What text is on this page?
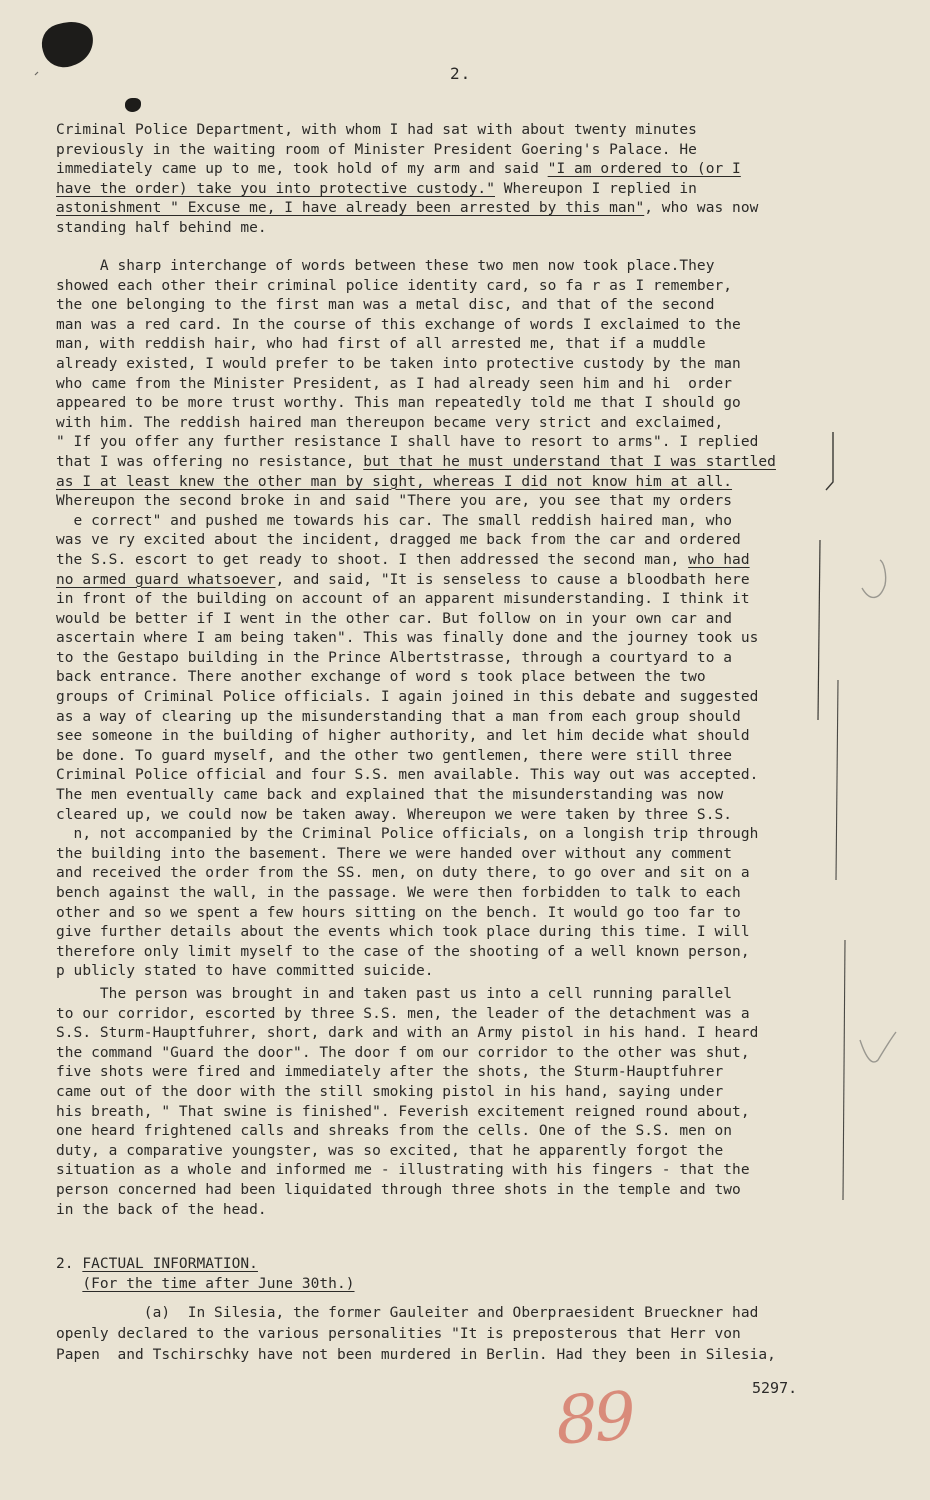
2.

Criminal Police Department, with whom I had sat with about twenty minutes
previously in the waiting room of Minister President Goering's Palace. He
immediately came up to me, took hold of my arm and said "I am ordered to (or I
have the order) take you into protective custody." Whereupon I replied in
astonishment " Excuse me, I have already been arrested by this man", who was now
standing half behind me.

A sharp interchange of words between these two men now took place.They
showed each other their criminal police identity card, so fa r as I remember,
the one belonging to the first man was a metal disc, and that of the second
man was a red card. In the course of this exchange of words I exclaimed to the
man, with reddish hair, who had first of all arrested me, that if a muddle
already existed, I would prefer to be taken into protective custody by the man
who came from the Minister President, as I had already seen him and hi  order
appeared to be more trust worthy. This man repeatedly told me that I should go
with him. The reddish haired man thereupon became very strict and exclaimed,
" If you offer any further resistance I shall have to resort to arms". I replied
that I was offering no resistance, but that he must understand that I was startled
as I at least knew the other man by sight, whereas I did not know him at all.
Whereupon the second broke in and said "There you are, you see that my orders
e correct" and pushed me towards his car. The small reddish haired man, who
was ve ry excited about the incident, dragged me back from the car and ordered
the S.S. escort to get ready to shoot. I then addressed the second man, who had
no armed guard whatsoever, and said, "It is senseless to cause a bloodbath here
in front of the building on account of an apparent misunderstanding. I think it
would be better if I went in the other car. But follow on in your own car and
ascertain where I am being taken". This was finally done and the journey took us
to the Gestapo building in the Prince Albertstrasse, through a courtyard to a
back entrance. There another exchange of word s took place between the two
groups of Criminal Police officials. I again joined in this debate and suggested
as a way of clearing up the misunderstanding that a man from each group should
see someone in the building of higher authority, and let him decide what should
be done. To guard myself, and the other two gentlemen, there were still three
Criminal Police official and four S.S. men available. This way out was accepted.
The men eventually came back and explained that the misunderstanding was now
cleared up, we could now be taken away. Whereupon we were taken by three S.S.
n, not accompanied by the Criminal Police officials, on a longish trip through
the building into the basement. There we were handed over without any comment
and received the order from the SS. men, on duty there, to go over and sit on a
bench against the wall, in the passage. We were then forbidden to talk to each
other and so we spent a few hours sitting on the bench. It would go too far to
give further details about the events which took place during this time. I will
therefore only limit myself to the case of the shooting of a well known person,
p ublicly stated to have committed suicide.

The person was brought in and taken past us into a cell running parallel
to our corridor, escorted by three S.S. men, the leader of the detachment was a
S.S. Sturm-Hauptfuhrer, short, dark and with an Army pistol in his hand. I heard
the command "Guard the door". The door f om our corridor to the other was shut,
five shots were fired and immediately after the shots, the Sturm-Hauptfuhrer
came out of the door with the still smoking pistol in his hand, saying under
his breath, " That swine is finished". Feverish excitement reigned round about,
one heard frightened calls and shreaks from the cells. One of the S.S. men on
duty, a comparative youngster, was so excited, that he apparently forgot the
situation as a whole and informed me - illustrating with his fingers - that the
person concerned had been liquidated through three shots in the temple and two
in the back of the head.

2. FACTUAL INFORMATION.
(For the time after June 30th.)

(a)  In Silesia, the former Gauleiter and Oberpraesident Brueckner had
openly declared to the various personalities "It is preposterous that Herr von
Papen  and Tschirschky have not been murdered in Berlin. Had they been in Silesia,

89	5297.
